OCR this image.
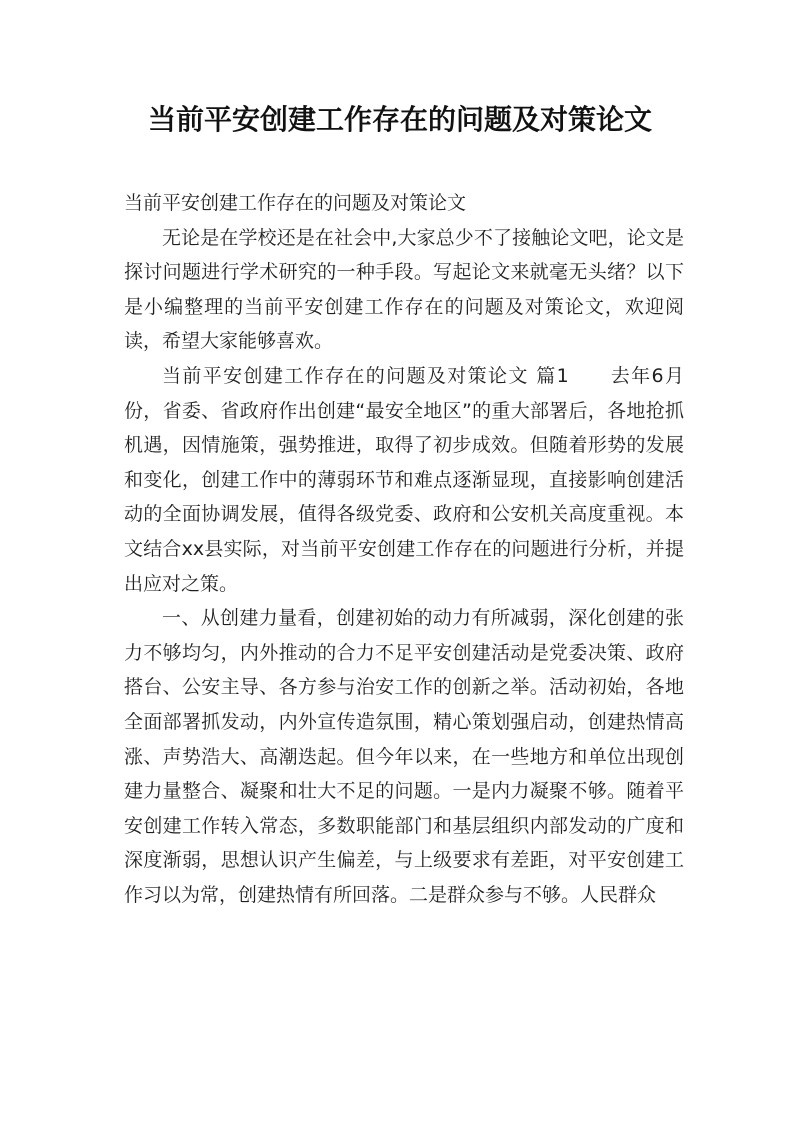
当前平安创建工作存在的问题及对策论文

当前平安创建工作存在的问题及对策论文

无论是在学校还是在社会中,大家总少不了接触论文吧，论文是探讨问题进行学术研究的一种手段。写起论文来就毫无头绪？以下是小编整理的当前平安创建工作存在的问题及对策论文，欢迎阅读，希望大家能够喜欢。

当前平安创建工作存在的问题及对策论文 篇1　　去年6月份，省委、省政府作出创建“最安全地区”的重大部署后，各地抢抓机遇，因情施策，强势推进，取得了初步成效。但随着形势的发展和变化，创建工作中的薄弱环节和难点逐渐显现，直接影响创建活动的全面协调发展，值得各级党委、政府和公安机关高度重视。本文结合xx县实际，对当前平安创建工作存在的问题进行分析，并提出应对之策。

一、从创建力量看，创建初始的动力有所减弱，深化创建的张力不够均匀，内外推动的合力不足平安创建活动是党委决策、政府搭台、公安主导、各方参与治安工作的创新之举。活动初始，各地全面部署抓发动，内外宣传造氛围，精心策划强启动，创建热情高涨、声势浩大、高潮迭起。但今年以来，在一些地方和单位出现创建力量整合、凝聚和壮大不足的问题。一是内力凝聚不够。随着平安创建工作转入常态，多数职能部门和基层组织内部发动的广度和深度渐弱，思想认识产生偏差，与上级要求有差距，对平安创建工作习以为常，创建热情有所回落。二是群众参与不够。人民群众
